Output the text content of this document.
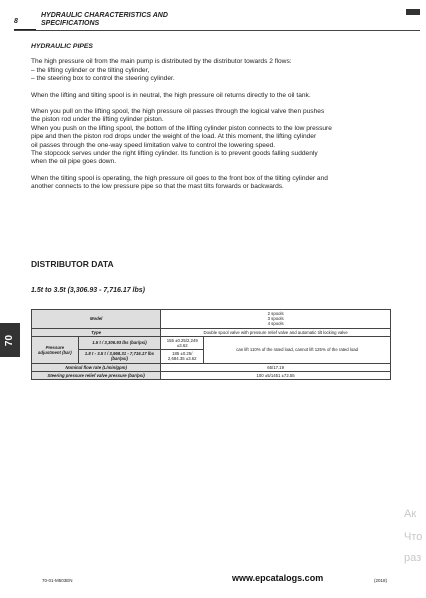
8
HYDRAULIC CHARACTERISTICS AND
SPECIFICATIONS
HYDRAULIC PIPES

The high pressure oil from the main pump is distributed by the distributor towards 2 flows:
– the lifting cylinder or the tilting cylinder,
– the steering box to control the steering cylinder.

When the lifting and tilting spool is in neutral, the high pressure oil returns directly to the oil tank.

When you pull on the lifting spool, the high pressure oil passes through the logical valve then pushes
the piston rod under the lifting cylinder piston.
When you push on the lifting spool, the bottom of the lifting cylinder piston connects to the low pressure
pipe and then the piston rod drops under the weight of the load. At this moment, the lifting cylinder
oil passes through the one-way speed limitation valve to control the lowering speed.
The stopcock serves under the right lifting cylinder. Its function is to prevent goods falling suddenly
when the oil pipe goes down.

When the tilting spool is operating, the high pressure oil goes to the front box of the tilting cylinder and
another connects to the low pressure pipe so that the mast tilts forwards or backwards.

DISTRIBUTOR DATA
1.5t to 3.5t (3,306.93 - 7,716.17 lbs)
70
Model		2 spools
3 spools
4 spools	

Type		Double spool valve with pressure relief valve and automatic tilt locking valve	
Pressure adjustment (bar)	1.5 t / 3,306.93 lbs (bar/psi)	155 ±0.25/2,249 ±3.62	can lift 110% of the rated load, cannot lift 125% of the rated load
	1.8 t - 3.5 t / 3,968.31 - 7,716.17 lbs (bar/psi)	185 ±0.25/ 2,684.35 ±3.62	
Nominal flow rate (L/min/gpm)		65/17.19	
Steering pressure relief valve pressure (bar/psi)		100 ±5/1451 ±72.55	
Ак
Что
раз
70-01-M503EN	www.epcatalogs.com	(2018)
